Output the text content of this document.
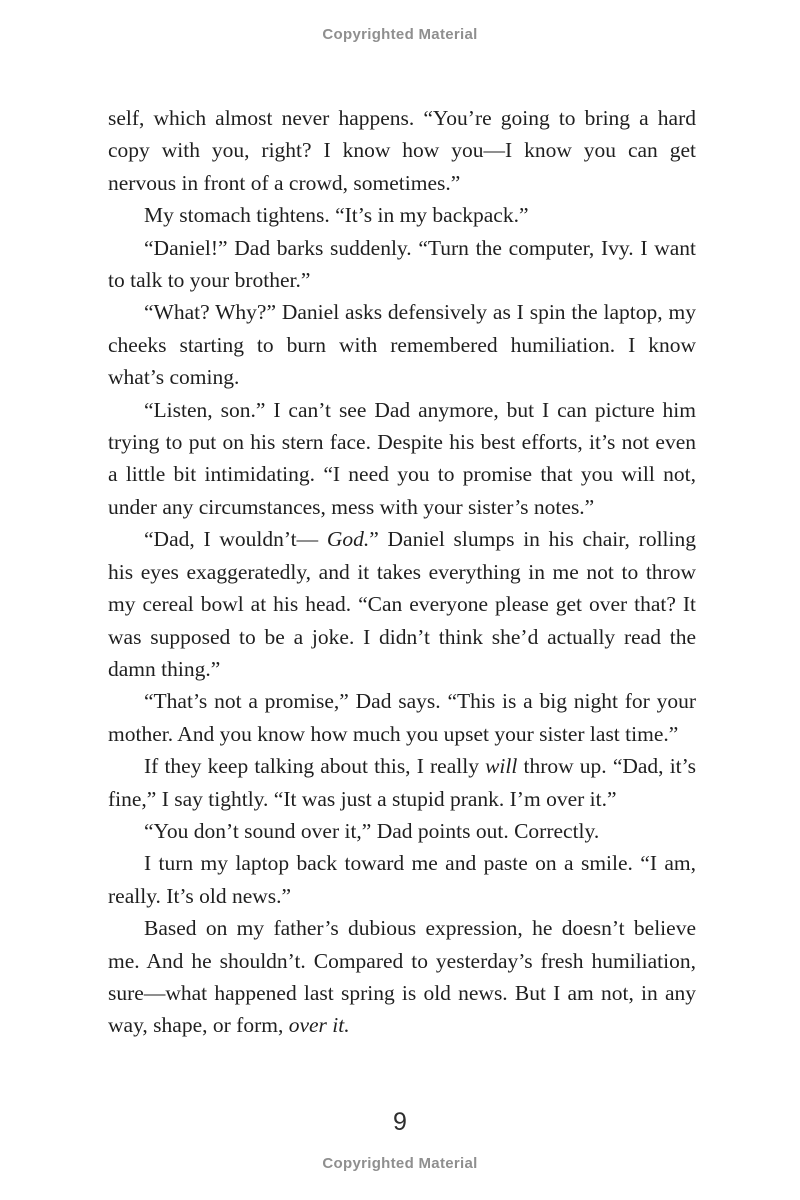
Copyrighted Material

self, which almost never happens. “You’re going to bring a hard copy with you, right? I know how you—I know you can get nervous in front of a crowd, sometimes.”

My stomach tightens. “It’s in my backpack.”

“Daniel!” Dad barks suddenly. “Turn the computer, Ivy. I want to talk to your brother.”

“What? Why?” Daniel asks defensively as I spin the laptop, my cheeks starting to burn with remembered humiliation. I know what’s coming.

“Listen, son.” I can’t see Dad anymore, but I can picture him trying to put on his stern face. Despite his best efforts, it’s not even a little bit intimidating. “I need you to promise that you will not, under any circumstances, mess with your sister’s notes.”

“Dad, I wouldn’t— God.” Daniel slumps in his chair, rolling his eyes exaggeratedly, and it takes everything in me not to throw my cereal bowl at his head. “Can everyone please get over that? It was supposed to be a joke. I didn’t think she’d actually read the damn thing.”

“That’s not a promise,” Dad says. “This is a big night for your mother. And you know how much you upset your sister last time.”

If they keep talking about this, I really will throw up. “Dad, it’s fine,” I say tightly. “It was just a stupid prank. I’m over it.”

“You don’t sound over it,” Dad points out. Correctly.

I turn my laptop back toward me and paste on a smile. “I am, really. It’s old news.”

Based on my father’s dubious expression, he doesn’t believe me. And he shouldn’t. Compared to yesterday’s fresh humiliation, sure—what happened last spring is old news. But I am not, in any way, shape, or form, over it.

9
Copyrighted Material
